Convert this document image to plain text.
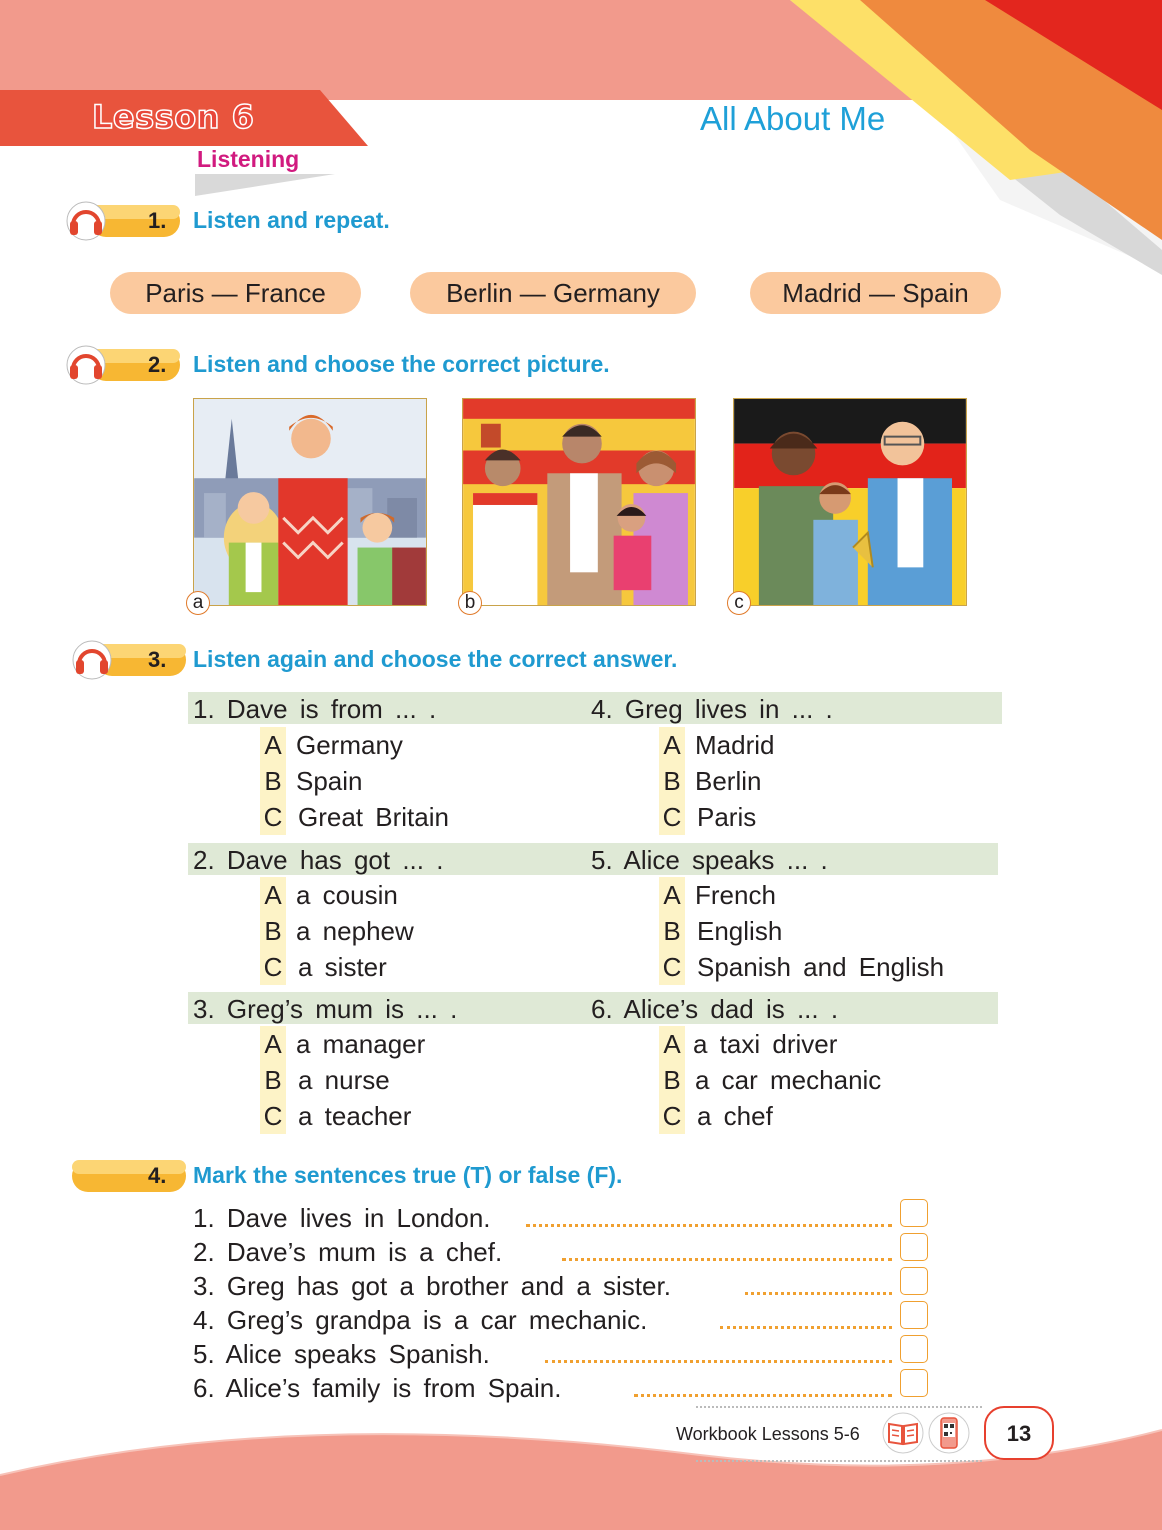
Lesson 6	All About Me
Listening
1. Listen and repeat.
Paris — France	Berlin — Germany	Madrid — Spain
2. Listen and choose the correct picture.
a	b	c
3. Listen again and choose the correct answer.
1. Dave is from ... .	4. Greg lives in ... .
A Germany
B Spain
C Great Britain
A Madrid
B Berlin
C Paris
2. Dave has got ... .	5. Alice speaks ... .
A a cousin
B a nephew
C a sister
A French
B English
C Spanish and English
3. Greg’s mum is ... .	6. Alice’s dad is ... .
A a manager
B a nurse
C a teacher
A a taxi driver
B a car mechanic
C a chef
4. Mark the sentences true (T) or false (F).
1. Dave lives in London.
2. Dave’s mum is a chef.
3. Greg has got a brother and a sister.
4. Greg’s grandpa is a car mechanic.
5. Alice speaks Spanish.
6. Alice’s family is from Spain.
Workbook Lessons 5-6	13
